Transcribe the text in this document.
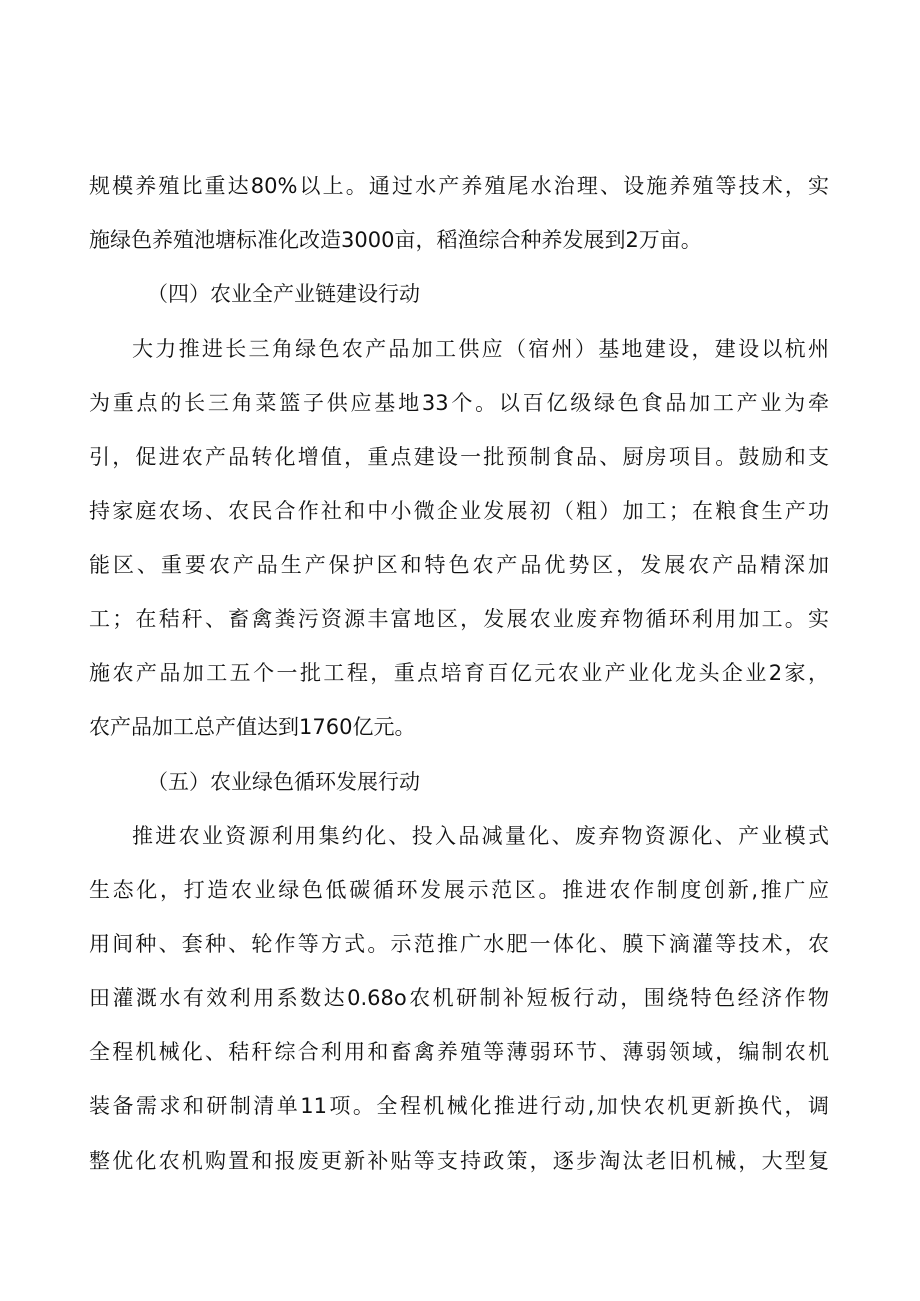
规模养殖比重达80%以上。通过水产养殖尾水治理、设施养殖等技术，实
施绿色养殖池塘标准化改造3000亩，稻渔综合种养发展到2万亩。
（四）农业全产业链建设行动
大力推进长三角绿色农产品加工供应（宿州）基地建设，建设以杭州
为重点的长三角菜篮子供应基地33个。以百亿级绿色食品加工产业为牵
引，促进农产品转化增值，重点建设一批预制食品、厨房项目。鼓励和支
持家庭农场、农民合作社和中小微企业发展初（粗）加工；在粮食生产功
能区、重要农产品生产保护区和特色农产品优势区，发展农产品精深加
工；在秸秆、畜禽粪污资源丰富地区，发展农业废弃物循环利用加工。实
施农产品加工五个一批工程，重点培育百亿元农业产业化龙头企业2家，
农产品加工总产值达到1760亿元。
（五）农业绿色循环发展行动
推进农业资源利用集约化、投入品减量化、废弃物资源化、产业模式
生态化，打造农业绿色低碳循环发展示范区。推进农作制度创新,推广应
用间种、套种、轮作等方式。示范推广水肥一体化、膜下滴灌等技术，农
田灌溉水有效利用系数达0.68o农机研制补短板行动，围绕特色经济作物
全程机械化、秸秆综合利用和畜禽养殖等薄弱环节、薄弱领域，编制农机
装备需求和研制清单11项。全程机械化推进行动,加快农机更新换代，调
整优化农机购置和报废更新补贴等支持政策，逐步淘汰老旧机械，大型复
